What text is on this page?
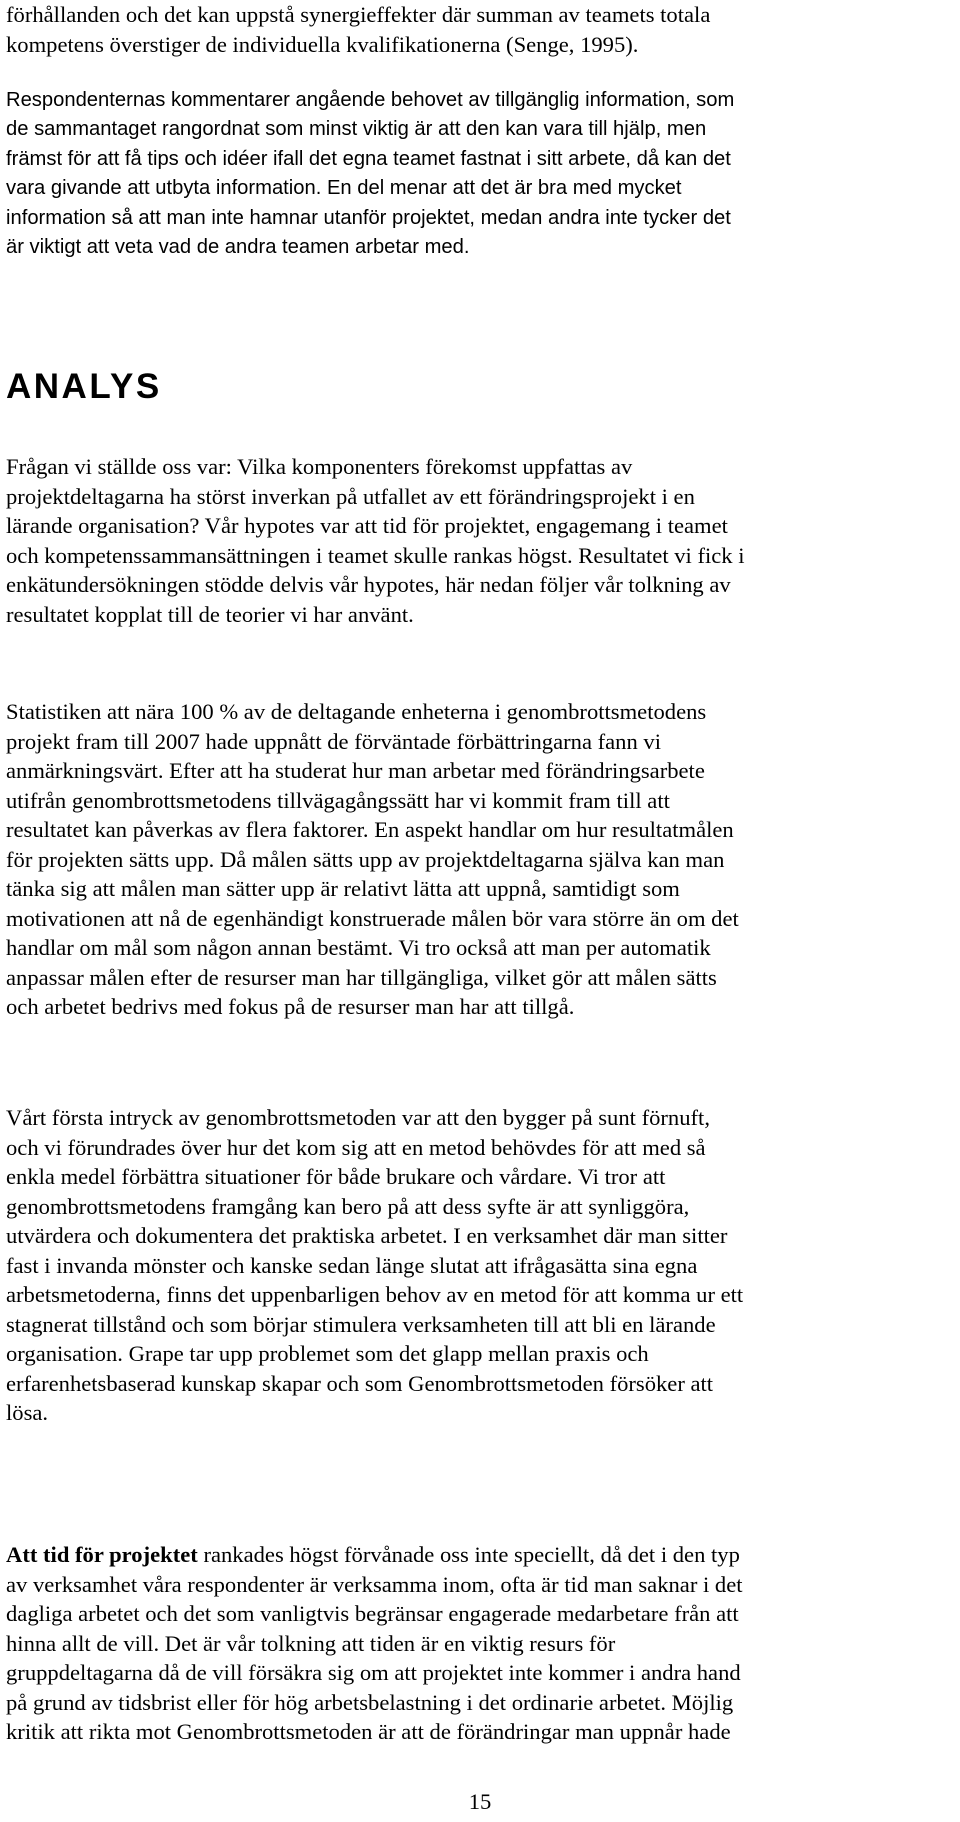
förhållanden och det kan uppstå synergieffekter där summan av teamets totala
kompetens överstiger de individuella kvalifikationerna (Senge, 1995).

Respondenternas kommentarer angående behovet av tillgänglig information, som
de sammantaget rangordnat som minst viktig är att den kan vara till hjälp, men
främst för att få tips och idéer ifall det egna teamet fastnat i sitt arbete, då kan det
vara givande att utbyta information. En del menar att det är bra med mycket
information så att man inte hamnar utanför projektet, medan andra inte tycker det
är viktigt att veta vad de andra teamen arbetar med.

ANALYS

Frågan vi ställde oss var: Vilka komponenters förekomst uppfattas av
projektdeltagarna ha störst inverkan på utfallet av ett förändringsprojekt i en
lärande organisation? Vår hypotes var att tid för projektet, engagemang i teamet
och kompetenssammansättningen i teamet skulle rankas högst. Resultatet vi fick i
enkätundersökningen stödde delvis vår hypotes, här nedan följer vår tolkning av
resultatet kopplat till de teorier vi har använt.

Statistiken att nära 100 % av de deltagande enheterna i genombrottsmetodens
projekt fram till 2007 hade uppnått de förväntade förbättringarna fann vi
anmärkningsvärt. Efter att ha studerat hur man arbetar med förändringsarbete
utifrån genombrottsmetodens tillvägagångssätt har vi kommit fram till att
resultatet kan påverkas av flera faktorer. En aspekt handlar om hur resultatmålen
för projekten sätts upp. Då målen sätts upp av projektdeltagarna själva kan man
tänka sig att målen man sätter upp är relativt lätta att uppnå, samtidigt som
motivationen att nå de egenhändigt konstruerade målen bör vara större än om det
handlar om mål som någon annan bestämt. Vi tro också att man per automatik
anpassar målen efter de resurser man har tillgängliga, vilket gör att målen sätts
och arbetet bedrivs med fokus på de resurser man har att tillgå.

Vårt första intryck av genombrottsmetoden var att den bygger på sunt förnuft,
och vi förundrades över hur det kom sig att en metod behövdes för att med så
enkla medel förbättra situationer för både brukare och vårdare. Vi tror att
genombrottsmetodens framgång kan bero på att dess syfte är att synliggöra,
utvärdera och dokumentera det praktiska arbetet. I en verksamhet där man sitter
fast i invanda mönster och kanske sedan länge slutat att ifrågasätta sina egna
arbetsmetoderna, finns det uppenbarligen behov av en metod för att komma ur ett
stagnerat tillstånd och som börjar stimulera verksamheten till att bli en lärande
organisation. Grape tar upp problemet som det glapp mellan praxis och
erfarenhetsbaserad kunskap skapar och som Genombrottsmetoden försöker att
lösa.

Att tid för projektet rankades högst förvånade oss inte speciellt, då det i den typ
av verksamhet våra respondenter är verksamma inom, ofta är tid man saknar i det
dagliga arbetet och det som vanligtvis begränsar engagerade medarbetare från att
hinna allt de vill. Det är vår tolkning att tiden är en viktig resurs för
gruppdeltagarna då de vill försäkra sig om att projektet inte kommer i andra hand
på grund av tidsbrist eller för hög arbetsbelastning i det ordinarie arbetet. Möjlig
kritik att rikta mot Genombrottsmetoden är att de förändringar man uppnår hade

15
